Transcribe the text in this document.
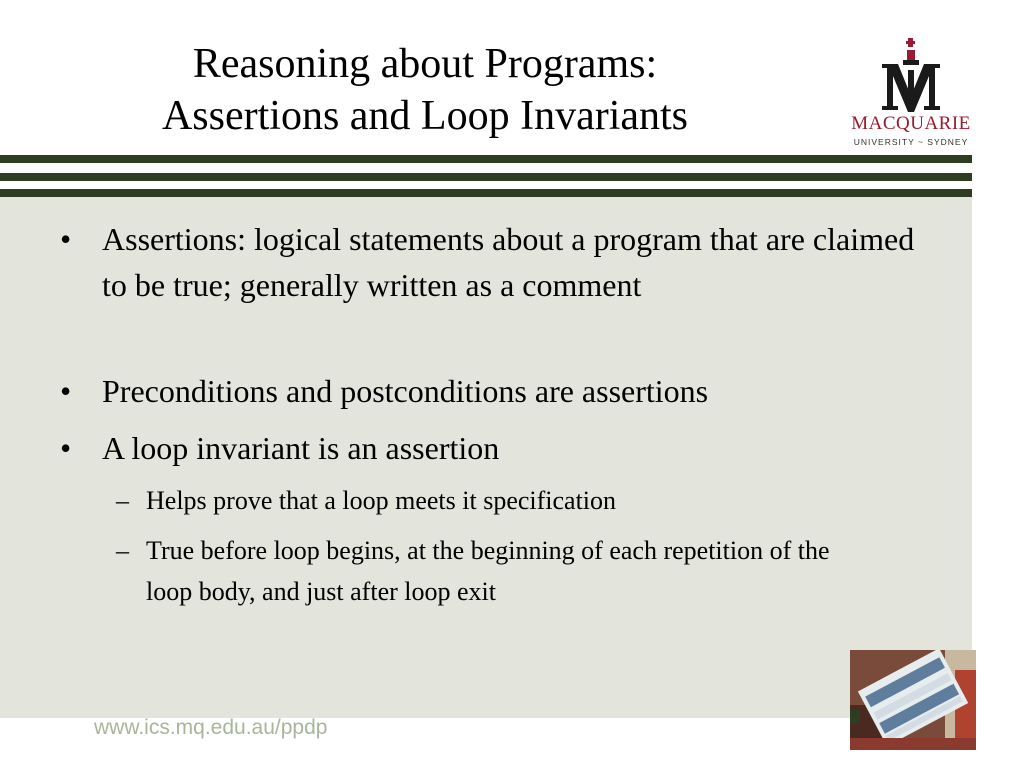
Reasoning about Programs:
Assertions and Loop Invariants	MACQUARIE
UNIVERSITY ~ SYDNEY
• Assertions: logical statements about a program that are claimed to be true; generally written as a comment
• Preconditions and postconditions are assertions
• A loop invariant is an assertion
– Helps prove that a loop meets it specification
– True before loop begins, at the beginning of each repetition of the loop body, and just after loop exit
www.ics.mq.edu.au/ppdp
